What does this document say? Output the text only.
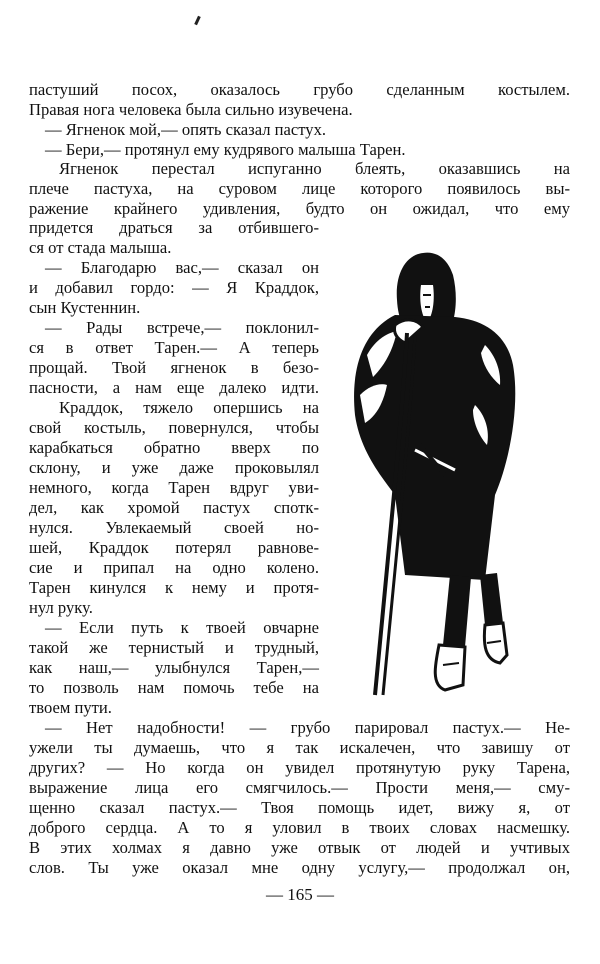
пастуший посох, оказалось грубо сделанным костылем.
Правая нога человека была сильно изувечена.
— Ягненок мой,— опять сказал пастух.
— Бери,— протянул ему кудрявого малыша Тарен.
Ягненок перестал испуганно блеять, оказавшись на
плече пастуха, на суровом лице которого появилось вы-
ражение крайнего удивления, будто он ожидал, что ему
придется драться за отбившего-
ся от стада малыша.
— Благодарю вас,— сказал он
и добавил гордо: — Я Краддок,
сын Кустеннин.
— Рады встрече,— поклонил-
ся в ответ Тарен.— А теперь
прощай. Твой ягненок в безо-
пасности, а нам еще далеко идти.
Краддок, тяжело опершись на
свой костыль, повернулся, чтобы
карабкаться обратно вверх по
склону, и уже даже проковылял
немного, когда Тарен вдруг уви-
дел, как хромой пастух спотк-
нулся. Увлекаемый своей но-
шей, Краддок потерял равнове-
сие и припал на одно колено.
Тарен кинулся к нему и протя-
нул руку.
— Если путь к твоей овчарне
такой же тернистый и трудный,
как наш,— улыбнулся Тарен,—
то позволь нам помочь тебе на
твоем пути.
— Нет надобности! — грубо парировал пастух.— Не-
ужели ты думаешь, что я так искалечен, что завишу от
других? — Но когда он увидел протянутую руку Тарена,
выражение лица его смягчилось.— Прости меня,— сму-
щенно сказал пастух.— Твоя помощь идет, вижу я, от
доброго сердца. А то я уловил в твоих словах насмешку.
В этих холмах я давно уже отвык от людей и учтивых
слов. Ты уже оказал мне одну услугу,— продолжал он,
— 165 —
